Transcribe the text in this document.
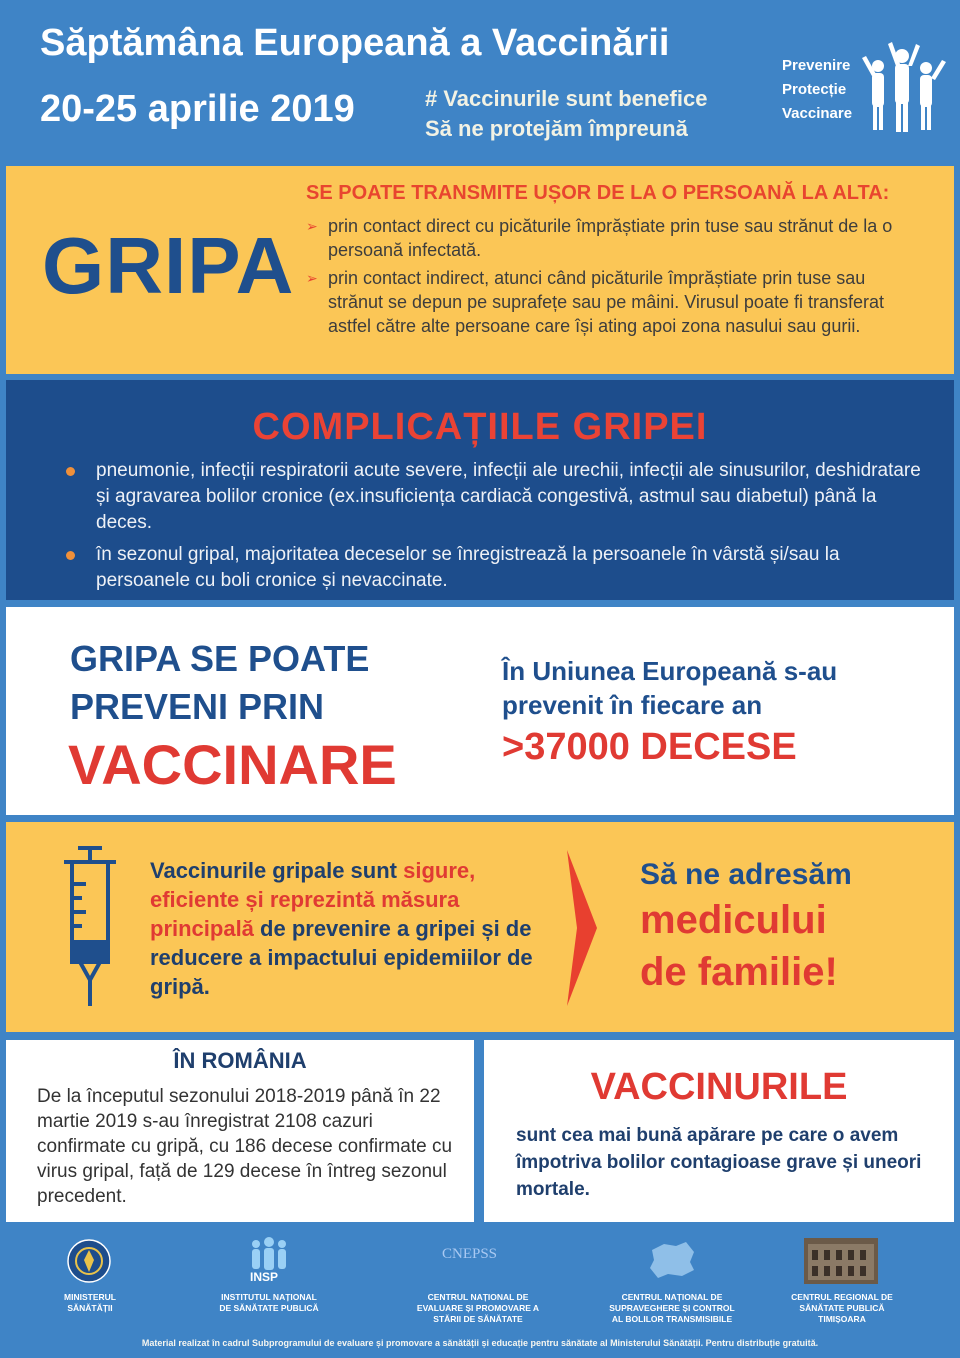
Săptămâna Europeană a Vaccinării
20-25 aprilie 2019	# Vaccinurile sunt benefice
Să ne protejăm împreună
Prevenire
Protecție
Vaccinare
GRIPA
SE POATE TRANSMITE UȘOR DE LA O PERSOANĂ LA ALTA:
➢ prin contact direct cu picăturile împrăștiate prin tuse sau strănut de la o persoană infectată.
➢ prin contact indirect, atunci când picăturile împrăștiate prin tuse sau strănut se depun pe suprafețe sau pe mâini. Virusul poate fi transferat astfel către alte persoane care își ating apoi zona nasului sau gurii.
COMPLICAȚIILE GRIPEI
pneumonie, infecții respiratorii acute severe, infecții ale urechii, infecții ale sinusurilor, deshidratare și agravarea bolilor cronice (ex.insuficiența cardiacă congestivă, astmul sau diabetul) până la deces.
în sezonul gripal, majoritatea deceselor se înregistrează la persoanele în vârstă și/sau la persoanele cu boli cronice și nevaccinate.
GRIPA SE POATE
PREVENI PRIN
VACCINARE
În Uniunea Europeană s-au
prevenit în fiecare an
>37000 DECESE
Vaccinurile gripale sunt sigure, eficiente și reprezintă măsura principală de prevenire a gripei și de reducere a impactului epidemiilor de gripă.
Să ne adresăm
medicului
de familie!
ÎN ROMÂNIA
De la începutul sezonului 2018-2019 până în 22 martie 2019 s-au înregistrat 2108 cazuri confirmate cu gripă, cu 186 decese confirmate cu virus gripal, față de 129 decese în întreg sezonul precedent.
VACCINURILE
sunt cea mai bună apărare pe care o avem împotriva bolilor contagioase grave și uneori mortale.
MINISTERUL
SĂNĂTĂȚII
INSP
INSTITUTUL NAȚIONAL
DE SĂNĂTATE PUBLICĂ
CNEPSS
CENTRUL NAȚIONAL DE
EVALUARE ȘI PROMOVARE A
STĂRII DE SĂNĂTATE
CENTRUL NAȚIONAL DE
SUPRAVEGHERE ȘI CONTROL
AL BOLILOR TRANSMISIBILE
CENTRUL REGIONAL DE
SĂNĂTATE PUBLICĂ
TIMIȘOARA
Material realizat în cadrul Subprogramului de evaluare și promovare a sănătății și educație pentru sănătate al Ministerului Sănătății. Pentru distribuție gratuită.
